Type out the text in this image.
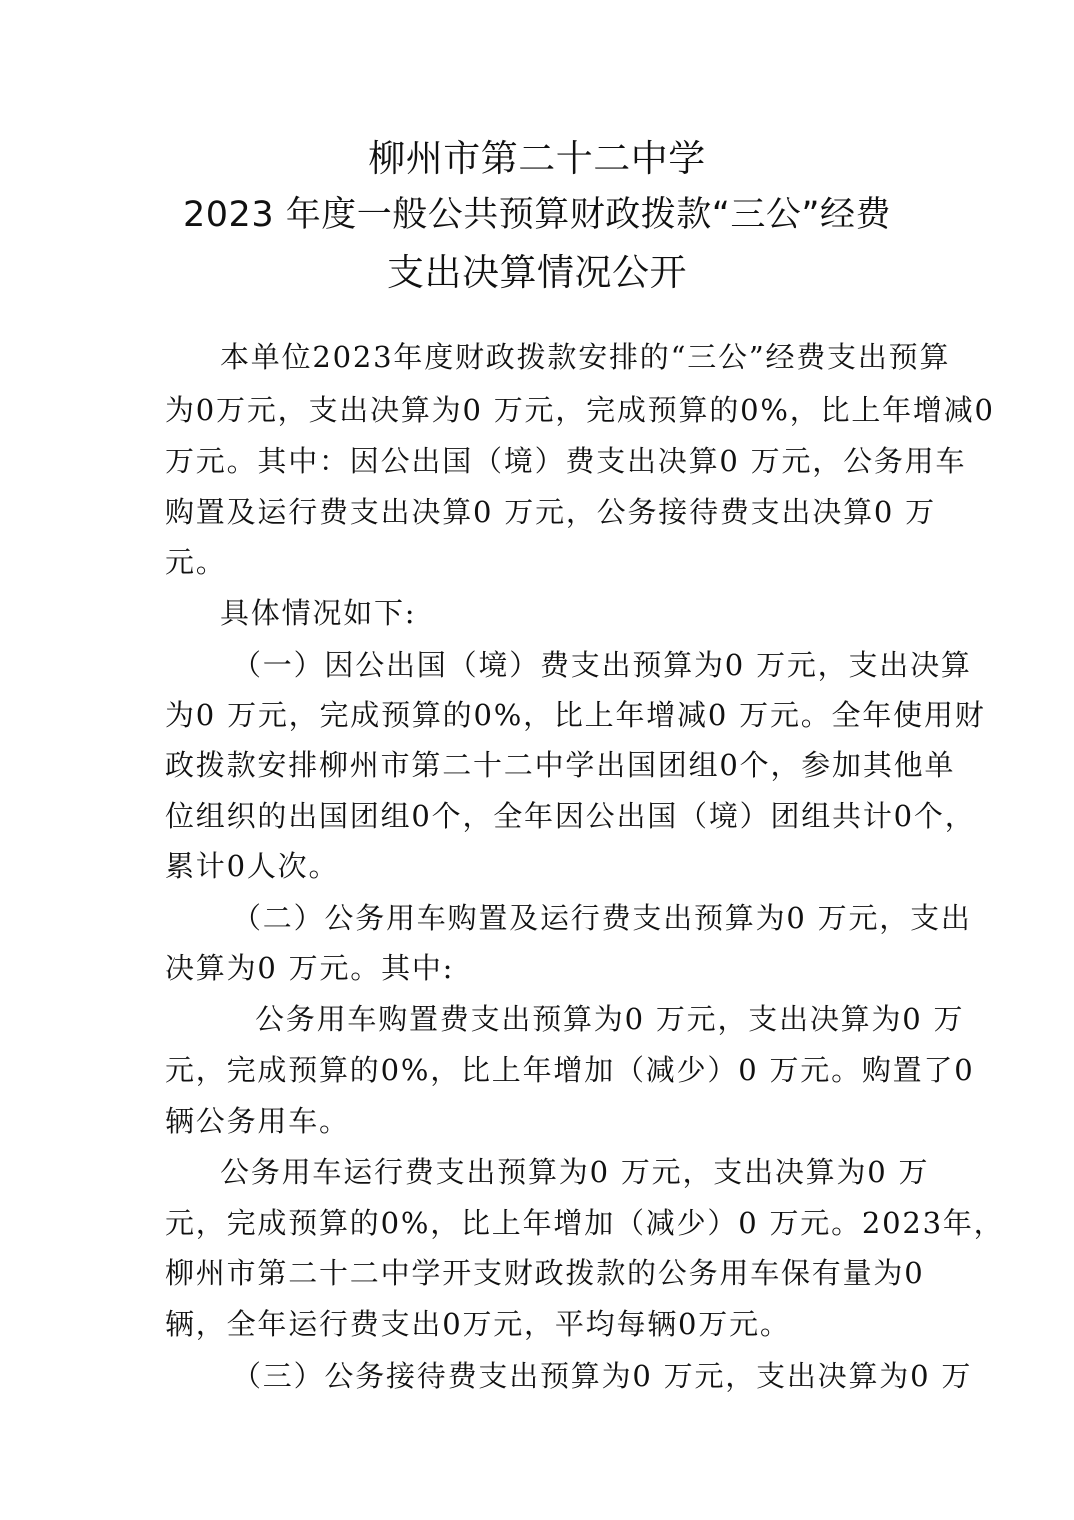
柳州市第二十二中学
2023 年度一般公共预算财政拨款“三公”经费
支出决算情况公开
本单位2023年度财政拨款安排的“三公”经费支出预算
为0万元，支出决算为0 万元，完成预算的0%，比上年增减0
万元。其中：因公出国（境）费支出决算0 万元，公务用车
购置及运行费支出决算0 万元，公务接待费支出决算0 万
元。
具体情况如下:
（一）因公出国（境）费支出预算为0 万元，支出决算
为0 万元，完成预算的0%，比上年增减0 万元。全年使用财
政拨款安排柳州市第二十二中学出国团组0个，参加其他单
位组织的出国团组0个，全年因公出国（境）团组共计0个，
累计0人次。
（二）公务用车购置及运行费支出预算为0 万元，支出
决算为0 万元。其中:
公务用车购置费支出预算为0 万元，支出决算为0 万
元，完成预算的0%，比上年增加（减少）0 万元。购置了0
辆公务用车。
公务用车运行费支出预算为0 万元，支出决算为0 万
元，完成预算的0%，比上年增加（减少）0 万元。2023年，
柳州市第二十二中学开支财政拨款的公务用车保有量为0
辆，全年运行费支出0万元，平均每辆0万元。
（三）公务接待费支出预算为0 万元，支出决算为0 万
